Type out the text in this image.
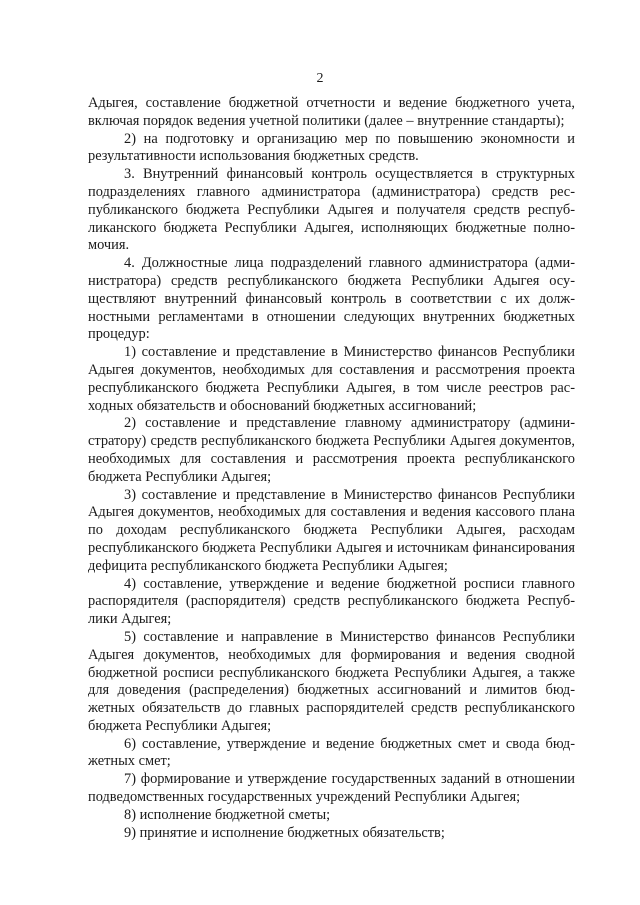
2

Адыгея, составление бюджетной отчетности и ведение бюджетного учета, включая порядок ведения учетной политики (далее – внутренние стандарты);

2) на подготовку и организацию мер по повышению экономности и результативности использования бюджетных средств.

3. Внутренний финансовый контроль осуществляется в структурных подразделениях главного администратора (администратора) средств республиканского бюджета Республики Адыгея и получателя средств республиканского бюджета Республики Адыгея, исполняющих бюджетные полномочия.

4. Должностные лица подразделений главного администратора (администратора) средств республиканского бюджета Республики Адыгея осуществляют внутренний финансовый контроль в соответствии с их должностными регламентами в отношении следующих внутренних бюджетных процедур:

1) составление и представление в Министерство финансов Республики Адыгея документов, необходимых для составления и рассмотрения проекта республиканского бюджета Республики Адыгея, в том числе реестров расходных обязательств и обоснований бюджетных ассигнований;

2) составление и представление главному администратору (администратору) средств республиканского бюджета Республики Адыгея документов, необходимых для составления и рассмотрения проекта республиканского бюджета Республики Адыгея;

3) составление и представление в Министерство финансов Республики Адыгея документов, необходимых для составления и ведения кассового плана по доходам республиканского бюджета Республики Адыгея, расходам республиканского бюджета Республики Адыгея и источникам финансирования дефицита республиканского бюджета Республики Адыгея;

4) составление, утверждение и ведение бюджетной росписи главного распорядителя (распорядителя) средств республиканского бюджета Республики Адыгея;

5) составление и направление в Министерство финансов Республики Адыгея документов, необходимых для формирования и ведения сводной бюджетной росписи республиканского бюджета Республики Адыгея, а также для доведения (распределения) бюджетных ассигнований и лимитов бюджетных обязательств до главных распорядителей средств республиканского бюджета Республики Адыгея;

6) составление, утверждение и ведение бюджетных смет и свода бюджетных смет;

7) формирование и утверждение государственных заданий в отношении подведомственных государственных учреждений Республики Адыгея;

8) исполнение бюджетной сметы;

9) принятие и исполнение бюджетных обязательств;
